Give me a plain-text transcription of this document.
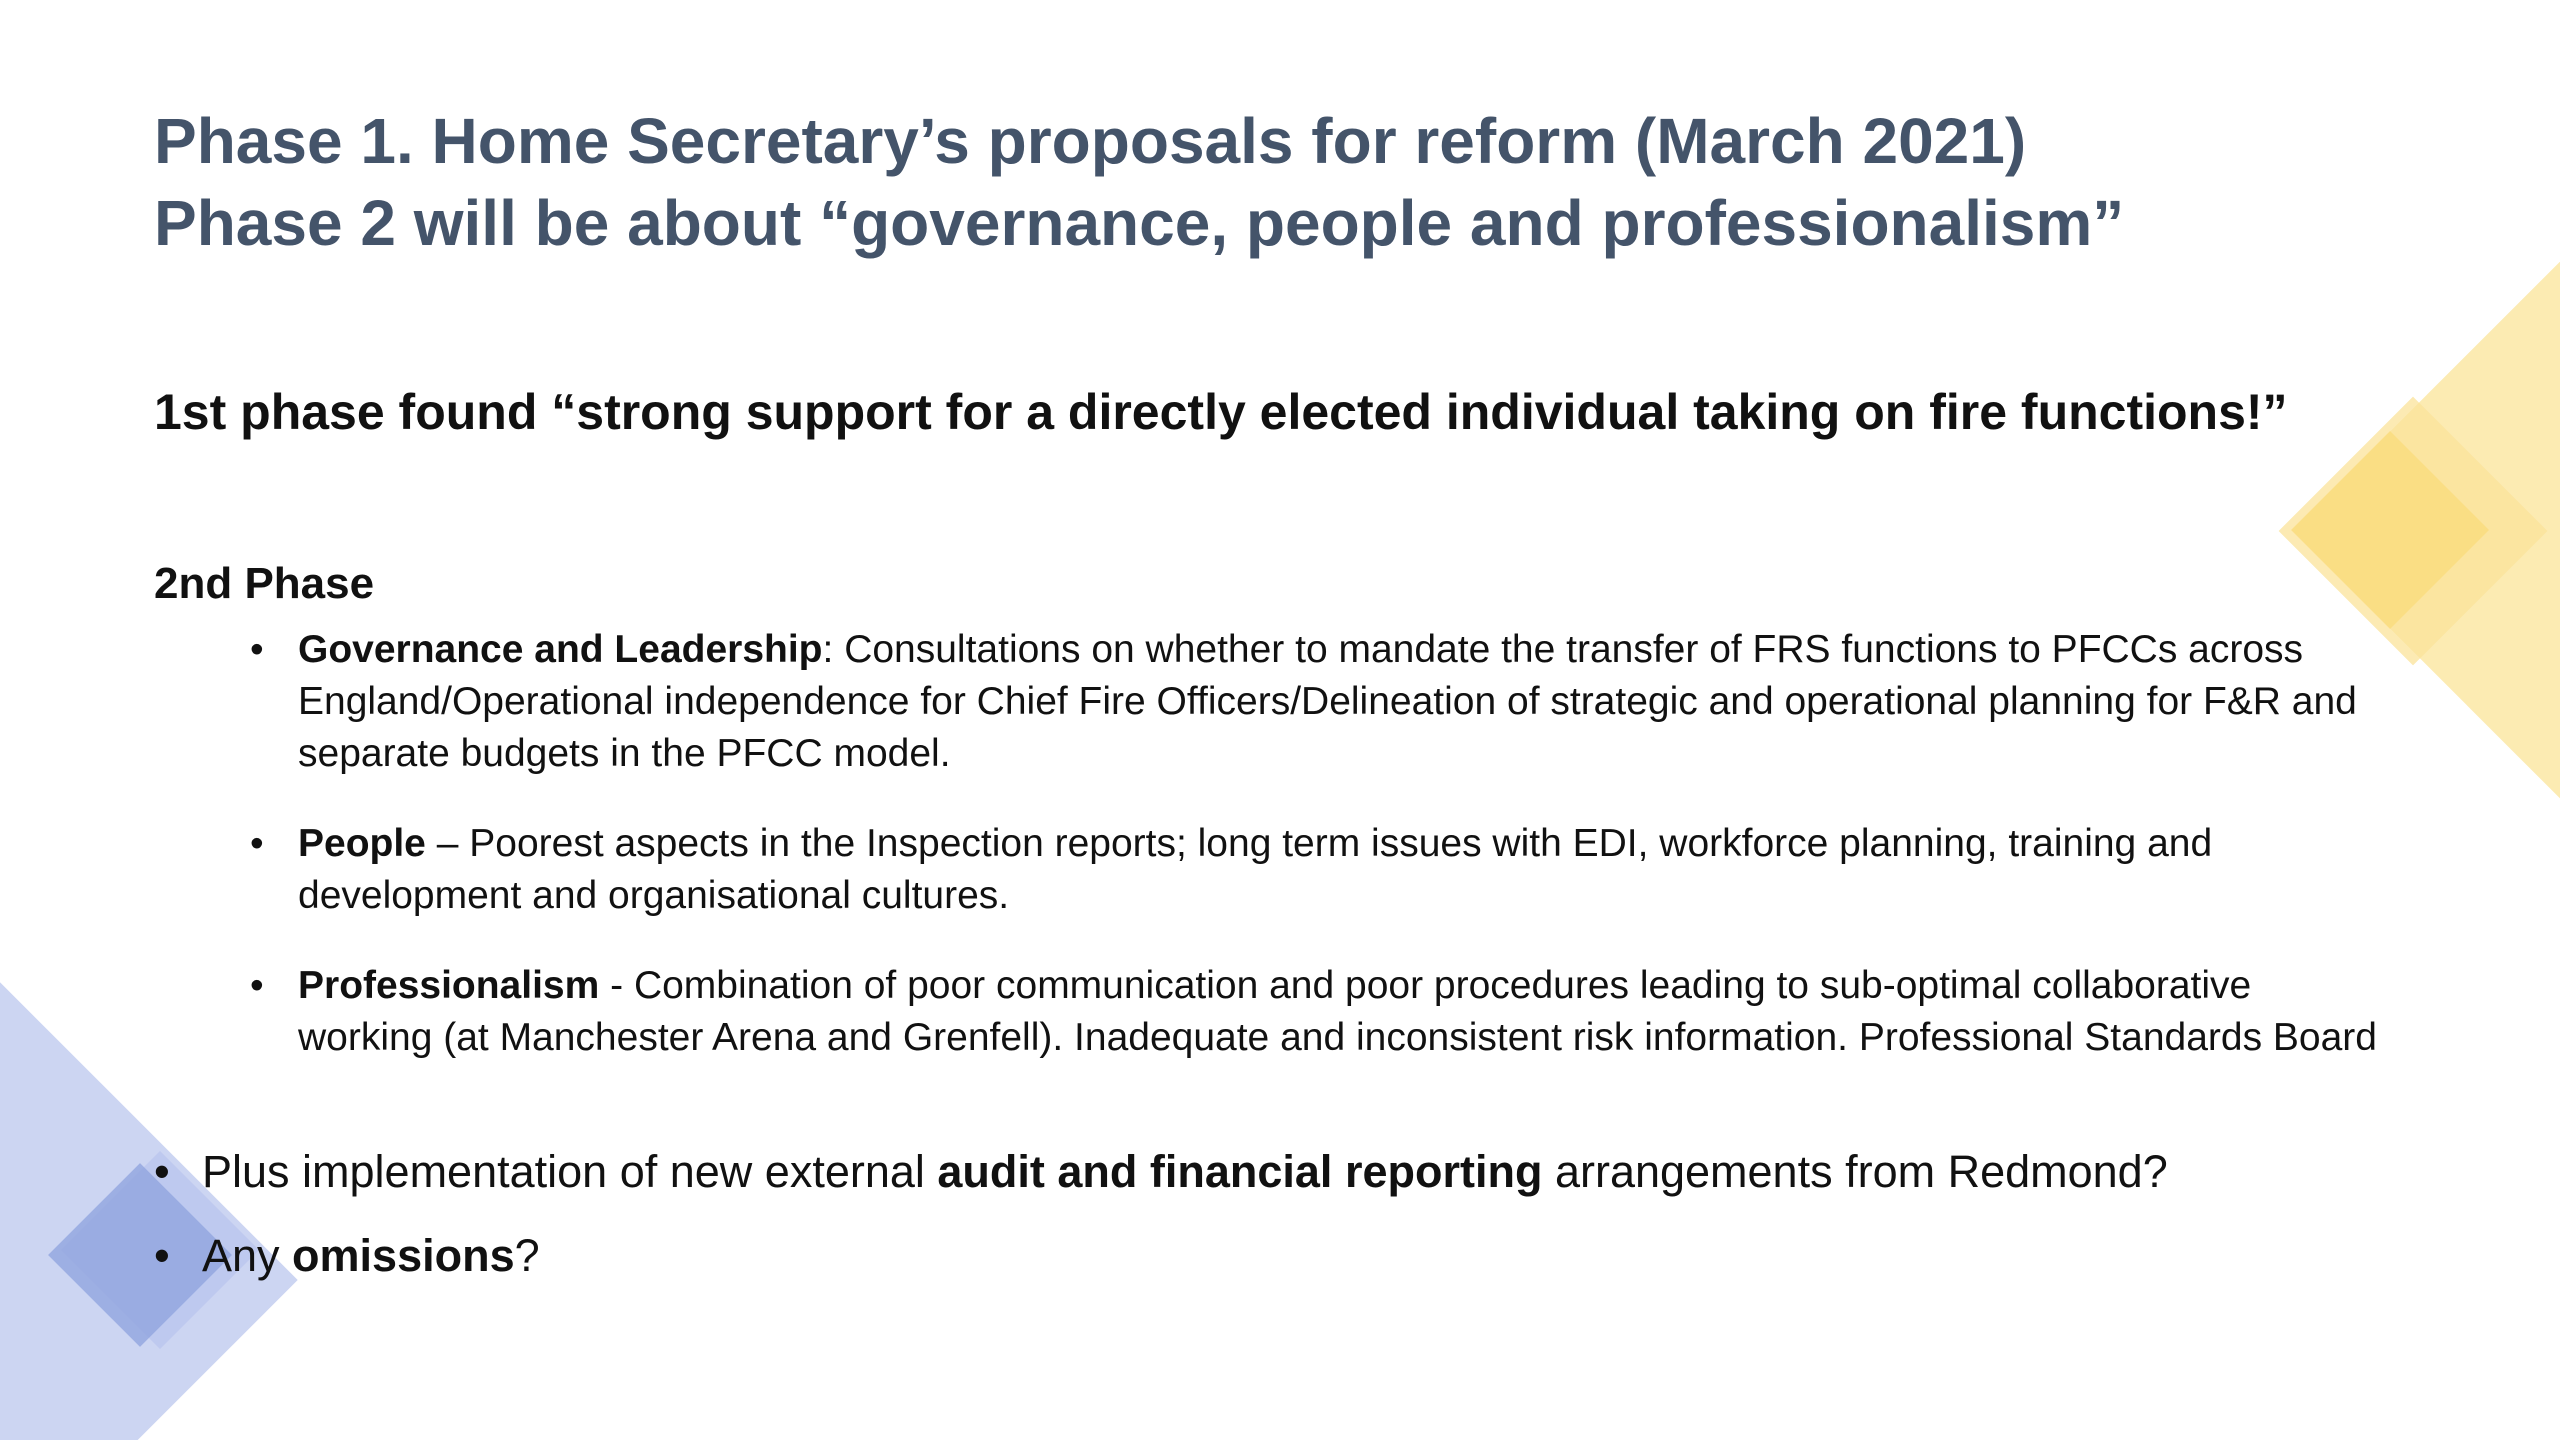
Phase 1. Home Secretary’s proposals for reform (March 2021)
Phase 2 will be about “governance, people and professionalism”

1st phase found “strong support for a directly elected individual taking on fire functions!”

2nd Phase
• Governance and Leadership: Consultations on whether to mandate the transfer of FRS functions to PFCCs across England/Operational independence for Chief Fire Officers/Delineation of strategic and operational planning for F&R and separate budgets in the PFCC model.
• People – Poorest aspects in the Inspection reports; long term issues with EDI, workforce planning, training and development and organisational cultures.
• Professionalism - Combination of poor communication and poor procedures leading to sub-optimal collaborative working (at Manchester Arena and Grenfell). Inadequate and inconsistent risk information. Professional Standards Board
• Plus implementation of new external audit and financial reporting arrangements from Redmond?
• Any omissions?
